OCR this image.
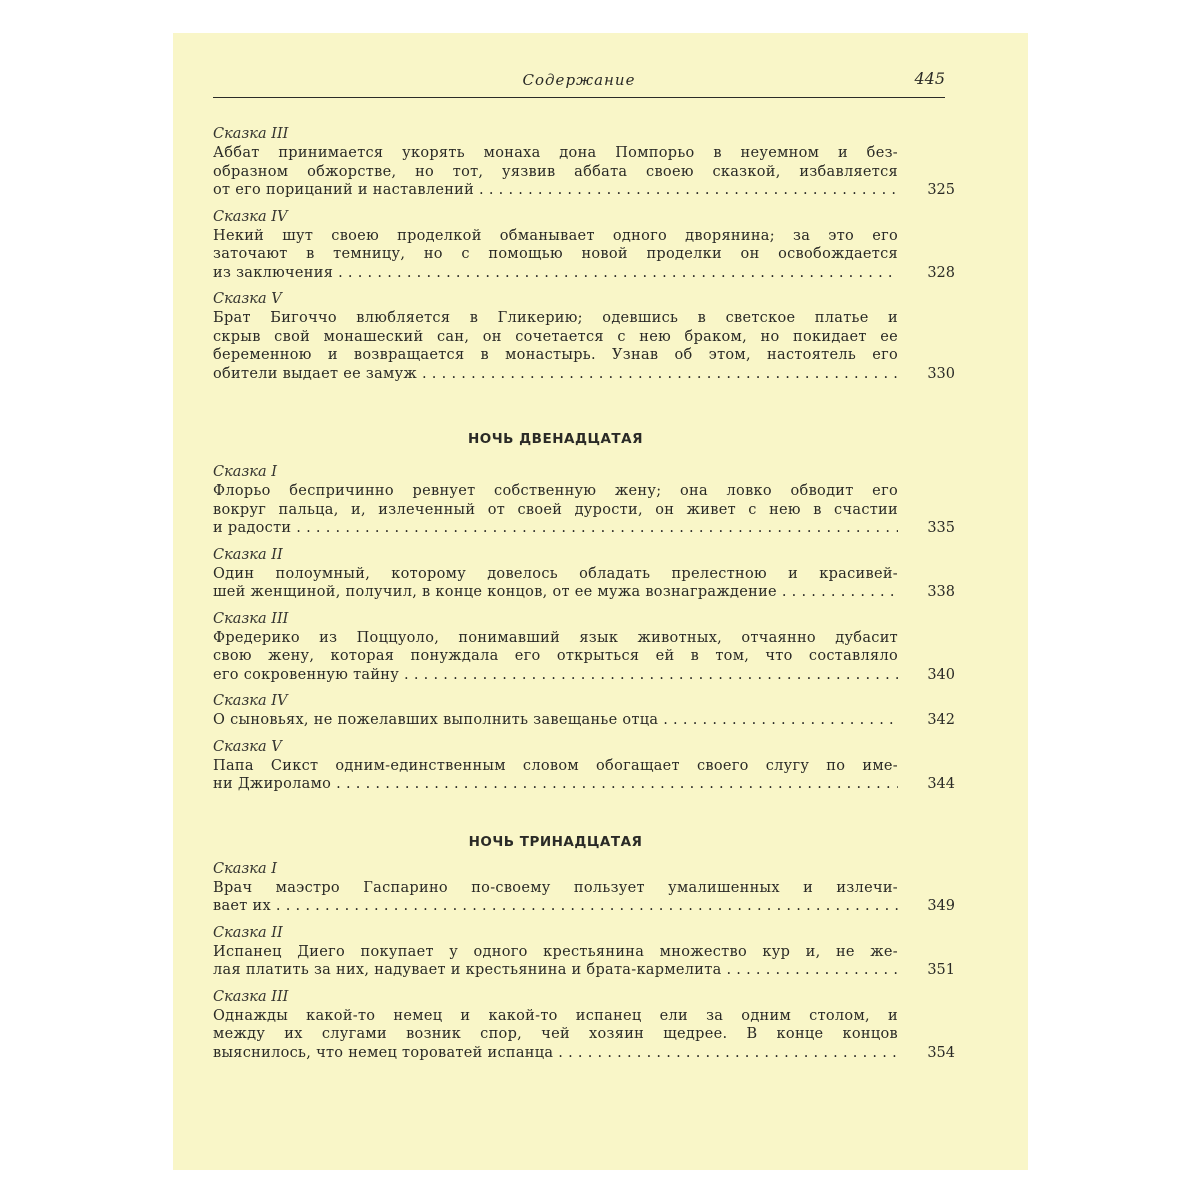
Содержание	445
Сказка III
Аббат принимается укорять монаха дона Помпорьо в неуемном и без-
образном обжорстве, но тот, уязвив аббата своею сказкой, избавляется
от его порицаний и наставлений . . .	325
Сказка IV
Некий шут своею проделкой обманывает одного дворянина; за это его
заточают в темницу, но с помощью новой проделки он освобождается
из заключения . . .	328
Сказка V
Брат Бигоччо влюбляется в Гликерию; одевшись в светское платье и
скрыв свой монашеский сан, он сочетается с нею браком, но покидает ее
беременною и возвращается в монастырь. Узнав об этом, настоятель его
обители выдает ее замуж . . .	330
НОЧЬ ДВЕНАДЦАТАЯ
Сказка I
Флорьо беспричинно ревнует собственную жену; она ловко обводит его
вокруг пальца, и, излеченный от своей дурости, он живет с нею в счастии
и радости . . .	335
Сказка II
Один полоумный, которому довелось обладать прелестною и красивей-
шей женщиной, получил, в конце концов, от ее мужа вознаграждение . . .	338
Сказка III
Фредерико из Поццуоло, понимавший язык животных, отчаянно дубасит
свою жену, которая понуждала его открыться ей в том, что составляло
его сокровенную тайну . . .	340
Сказка IV
О сыновьях, не пожелавших выполнить завещанье отца . . .	342
Сказка V
Папа Сикст одним-единственным словом обогащает своего слугу по име-
ни Джироламо . . .	344
НОЧЬ ТРИНАДЦАТАЯ
Сказка I
Врач маэстро Гаспарино по-своему пользует умалишенных и излечи-
вает их . . .	349
Сказка II
Испанец Диего покупает у одного крестьянина множество кур и, не же-
лая платить за них, надувает и крестьянина и брата-кармелита . . .	351
Сказка III
Однажды какой-то немец и какой-то испанец ели за одним столом, и
между их слугами возник спор, чей хозяин щедрее. В конце концов
выяснилось, что немец тороватей испанца . . .	354
